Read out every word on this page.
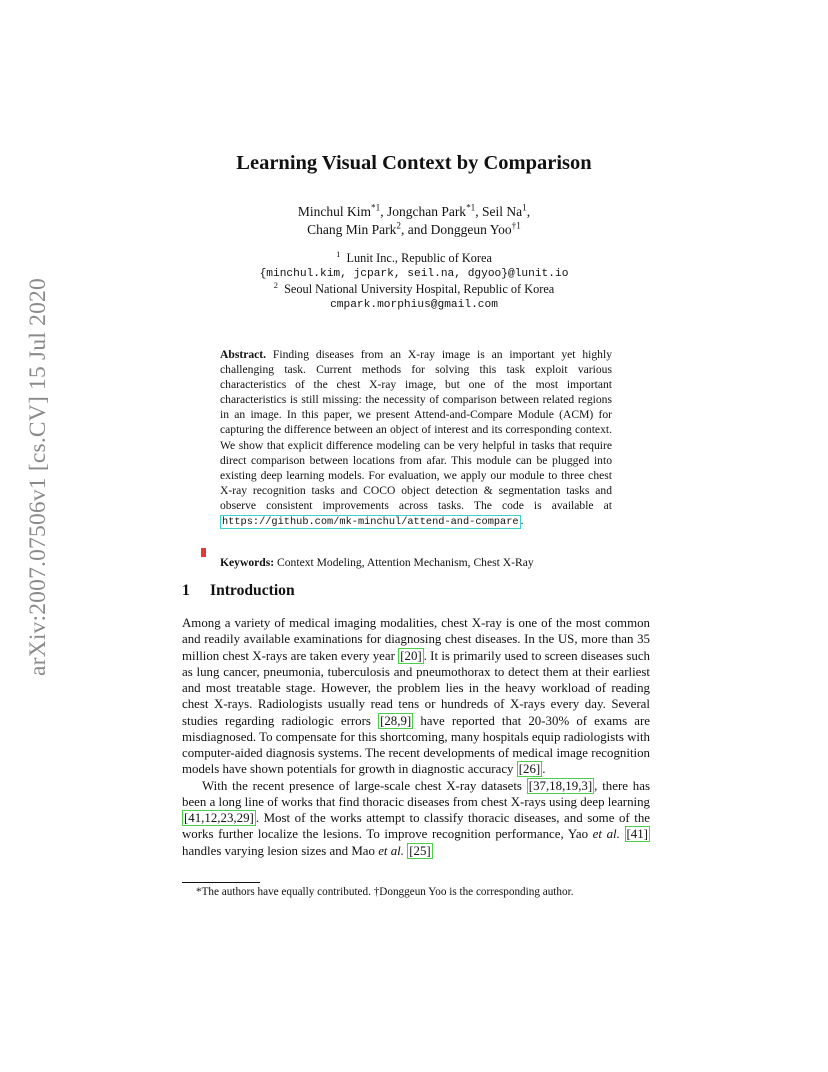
arXiv:2007.07506v1 [cs.CV] 15 Jul 2020
Learning Visual Context by Comparison
Minchul Kim$^{*1}$, Jongchan Park$^{*1}$, Seil Na$^1$,
Chang Min Park$^2$, and Donggeun Yoo$^{\dagger 1}$
$^1$ Lunit Inc., Republic of Korea
{minchul.kim, jcpark, seil.na, dgyoo}@lunit.io
$^2$ Seoul National University Hospital, Republic of Korea
cmpark.morphius@gmail.com
Abstract. Finding diseases from an X-ray image is an important yet highly challenging task. Current methods for solving this task exploit various characteristics of the chest X-ray image, but one of the most important characteristics is still missing: the necessity of comparison between related regions in an image. In this paper, we present Attend-and-Compare Module (ACM) for capturing the difference between an object of interest and its corresponding context. We show that explicit difference modeling can be very helpful in tasks that require direct comparison between locations from afar. This module can be plugged into existing deep learning models. For evaluation, we apply our module to three chest X-ray recognition tasks and COCO object detection & segmentation tasks and observe consistent improvements across tasks. The code is available at https://github.com/mk-minchul/attend-and-compare .
Keywords: Context Modeling, Attention Mechanism, Chest X-Ray
1 Introduction

Among a variety of medical imaging modalities, chest X-ray is one of the most common and readily available examinations for diagnosing chest diseases. In the US, more than 35 million chest X-rays are taken every year [20] . It is primarily used to screen diseases such as lung cancer, pneumonia, tuberculosis and pneumothorax to detect them at their earliest and most treatable stage. However, the problem lies in the heavy workload of reading chest X-rays. Radiologists usually read tens or hundreds of X-rays every day. Several studies regarding radiologic errors [28,9] have reported that 20-30% of exams are misdiagnosed. To compensate for this shortcoming, many hospitals equip radiologists with computer-aided diagnosis systems. The recent developments of medical image recognition models have shown potentials for growth in diagnostic accuracy [26] .

With the recent presence of large-scale chest X-ray datasets [37,18,19,3] , there has been a long line of works that find thoracic diseases from chest X-rays using deep learning [41,12,23,29] . Most of the works attempt to classify thoracic diseases, and some of the works further localize the lesions. To improve recognition performance, Yao et al. [41] handles varying lesion sizes and Mao et al. [25]

*The authors have equally contributed. †Donggeun Yoo is the corresponding author.
